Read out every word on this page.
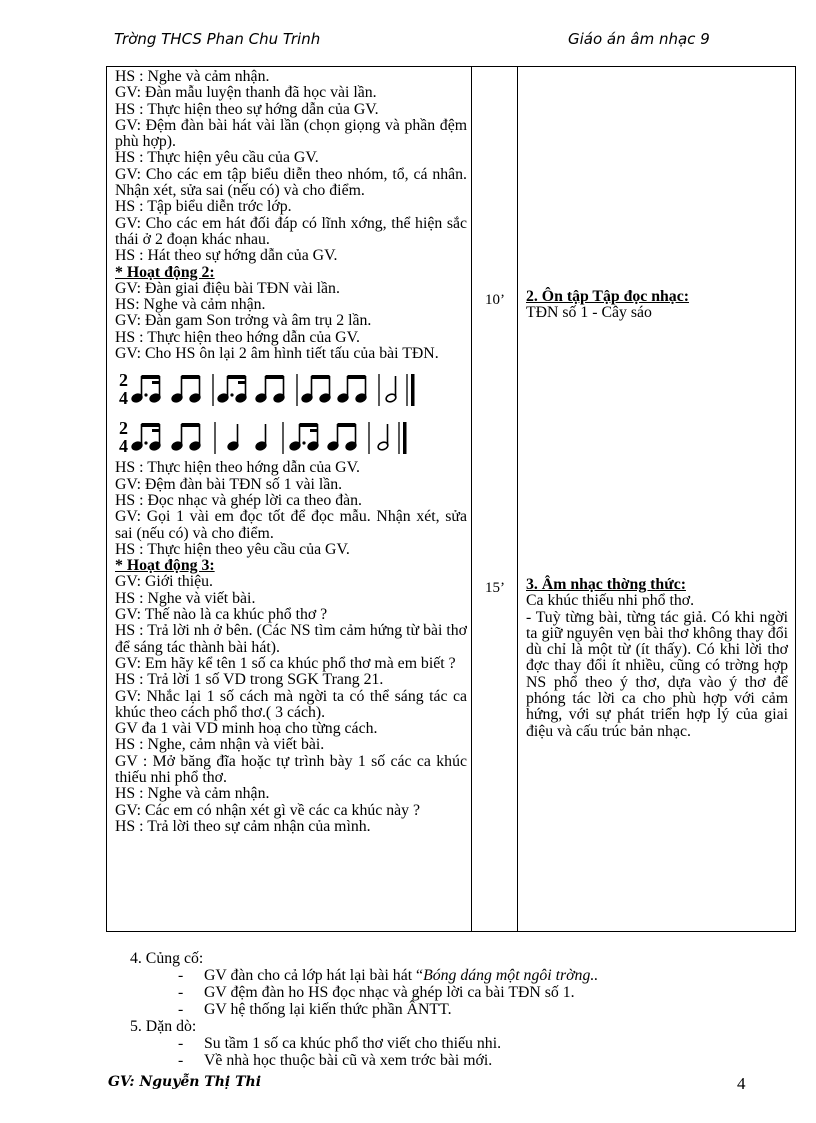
Trờng THCS Phan Chu Trinh	Giáo án âm nhạc 9
HS : Nghe và cảm nhận.
GV: Đàn mẫu luyện thanh đã học vài lần.
HS : Thực hiện theo sự hớng dẫn của GV.
GV: Đệm đàn bài hát vài lần (chọn giọng và phần đệm phù hợp).
HS : Thực hiện yêu cầu của GV.
GV: Cho các em tập biểu diễn theo nhóm, tổ, cá nhân. Nhận xét, sửa sai (nếu có) và cho điểm.
HS : Tập biểu diễn trớc lớp.
GV: Cho các em hát đối đáp có lĩnh xớng, thể hiện sắc thái ở 2 đoạn khác nhau.
HS : Hát theo sự hớng dẫn của GV.
* Hoạt động 2:
GV: Đàn giai điệu bài TĐN vài lần.
HS: Nghe và cảm nhận.
GV: Đàn gam Son trởng và âm trụ 2 lần.
HS : Thực hiện theo hớng dẫn của GV.
GV: Cho HS ôn lại 2 âm hình tiết tấu của bài TĐN.
2
4
2
4
HS : Thực hiện theo hớng dẫn của GV.
GV: Đệm đàn bài TĐN số 1 vài lần.
HS : Đọc nhạc và ghép lời ca theo đàn.
GV: Gọi 1 vài em đọc tốt để đọc mẫu. Nhận xét, sửa sai (nếu có) và cho điểm.
HS : Thực hiện theo yêu cầu của GV.
* Hoạt động 3:
GV: Giới thiệu.
HS : Nghe và viết bài.
GV: Thế nào là ca khúc phổ thơ ?
HS : Trả lời nh ở bên. (Các NS tìm cảm hứng từ bài thơ để sáng tác thành bài hát).
GV: Em hãy kể tên 1 số ca khúc phổ thơ mà em biết ?
HS : Trả lời 1 số VD trong SGK Trang 21.
GV: Nhắc lại 1 số cách mà ngời ta có thể sáng tác ca khúc theo cách phổ thơ.( 3 cách).
GV đa 1 vài VD minh hoạ cho từng cách.
HS : Nghe, cảm nhận và viết bài.
GV : Mở băng đĩa hoặc tự trình bày 1 số các ca khúc thiếu nhi phổ thơ.
HS : Nghe và cảm nhận.
GV: Các em có nhận xét gì về các ca khúc này ?
HS : Trả lời theo sự cảm nhận của mình.
10’
15’
2. Ôn tập Tập đọc nhạc:
TĐN số 1 - Cây sáo
3. Âm nhạc thờng thức:
Ca khúc thiếu nhi phổ thơ.
- Tuỳ từng bài, từng tác giả. Có khi ngời ta giữ nguyên vẹn bài thơ không thay đổi dù chỉ là một từ (ít thấy). Có khi lời thơ đợc thay đổi ít nhiều, cũng có trờng hợp NS phổ theo ý thơ, dựa vào ý thơ để phóng tác lời ca cho phù hợp với cảm hứng, với sự phát triển hợp lý của giai điệu và cấu trúc bản nhạc.
4. Củng cố:
- GV đàn cho cả lớp hát lại bài hát “Bóng dáng một ngôi trờng..
- GV đệm đàn ho HS đọc nhạc và ghép lời ca bài TĐN số 1.
- GV hệ thống lại kiến thức phần ÂNTT.
5. Dặn dò:
- Su tầm 1 số ca khúc phổ thơ viết cho thiếu nhi.
- Về nhà học thuộc bài cũ và xem trớc bài mới.
GV: Nguyễn Thị Thi	4
